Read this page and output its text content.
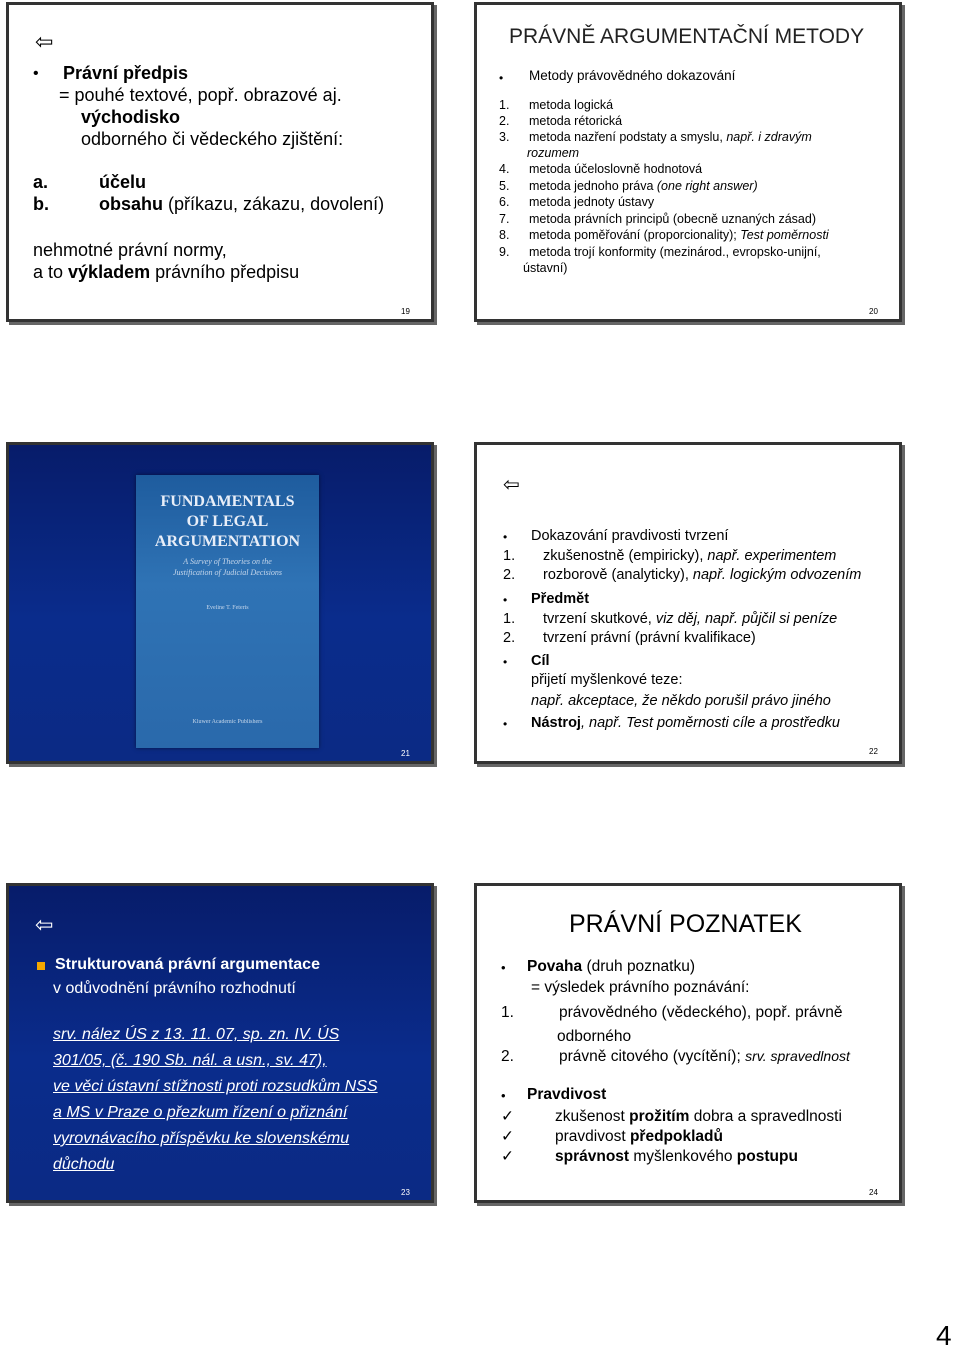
⇦
• Právní předpis
= pouhé textové, popř. obrazové aj.
východisko
odborného či vědeckého zjištění:
a.	účelu
b.	obsahu (příkazu, zákazu, dovolení)
nehmotné právní normy,
a to výkladem právního předpisu
19
PRÁVNĚ ARGUMENTAČNÍ METODY
• Metody právovědného dokazování
20
1. metoda logická
2. metoda rétorická
3. metoda nazření podstaty a smyslu, např. i zdravým
rozumem
4. metoda účeloslovně hodnotová
5. metoda jednoho práva (one right answer)
6. metoda jednoty ústavy
7. metoda právních principů (obecně uznaných zásad)
8. metoda poměřování (proporcionality); Test poměrnosti
9. metoda trojí konformity (mezinárod., evropsko-unijní,
ústavní)
FUNDAMENTALS
OF LEGAL
ARGUMENTATION
A Survey of Theories on the
Justification of Judicial Decisions
Eveline T. Feteris
Kluwer Academic Publishers
21
⇦
• Dokazování pravdivosti tvrzení
1. zkušenostně (empiricky), např. experimentem
2. rozborově (analyticky), např. logickým odvozením
• Předmět
1. tvrzení skutkové, viz děj, např. půjčil si peníze
2. tvrzení právní (právní kvalifikace)
• Cíl
přijetí myšlenkové teze:
např. akceptace, že někdo porušil právo jiného
• Nástroj, např. Test poměrnosti cíle a prostředku
22
⇦
Strukturovaná právní argumentace
v odůvodnění právního rozhodnutí
23
srv. nález ÚS z 13. 11. 07, sp. zn. IV. ÚS
301/05, (č. 190 Sb. nál. a usn., sv. 47),
ve věci ústavní stížnosti proti rozsudkům NSS
a MS v Praze o přezkum řízení o přiznání
vyrovnávacího příspěvku ke slovenskému
důchodu
PRÁVNÍ POZNATEK
• Povaha (druh poznatku)
= výsledek právního poznávání:
1.	právovědného (vědeckého), popř. právně
odborného
2.	právně citového (vycítění); srv. spravedlnost
• Pravdivost
✓	zkušenost prožitím dobra a spravedlnosti
✓	pravdivost předpokladů
✓	správnost myšlenkového postupu
24
4
